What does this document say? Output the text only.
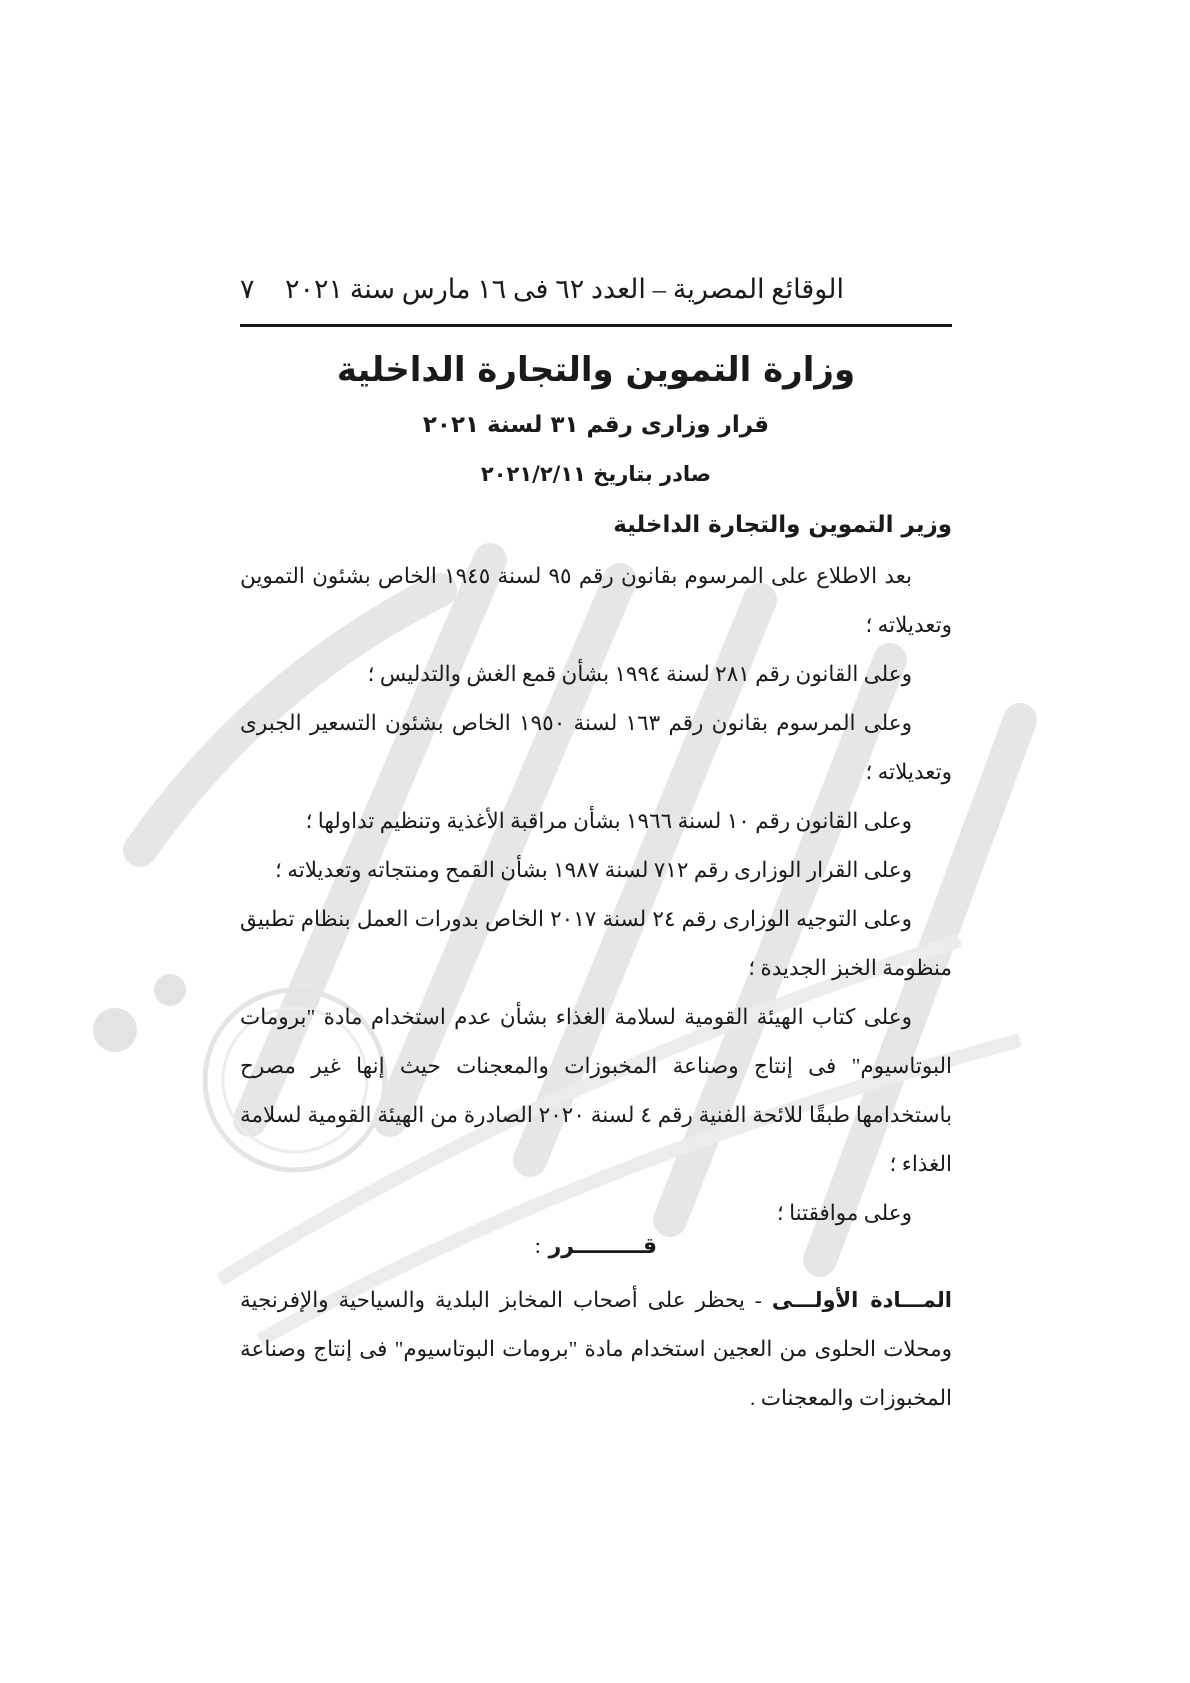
الوقائع المصرية – العدد ٦٢ فى ١٦ مارس سنة ٢٠٢١
٧
وزارة التموين والتجارة الداخلية
قرار وزارى رقم ٣١ لسنة ٢٠٢١
صادر بتاريخ ٢٠٢١/٢/١١
وزير التموين والتجارة الداخلية

بعد الاطلاع على المرسوم بقانون رقم ٩٥ لسنة ١٩٤٥ الخاص بشئون التموين وتعديلاته ؛

وعلى القانون رقم ٢٨١ لسنة ١٩٩٤ بشأن قمع الغش والتدليس ؛

وعلى المرسوم بقانون رقم ١٦٣ لسنة ١٩٥٠ الخاص بشئون التسعير الجبرى وتعديلاته ؛

وعلى القانون رقم ١٠ لسنة ١٩٦٦ بشأن مراقبة الأغذية وتنظيم تداولها ؛

وعلى القرار الوزارى رقم ٧١٢ لسنة ١٩٨٧ بشأن القمح ومنتجاته وتعديلاته ؛

وعلى التوجيه الوزارى رقم ٢٤ لسنة ٢٠١٧ الخاص بدورات العمل بنظام تطبيق منظومة الخبز الجديدة ؛

وعلى كتاب الهيئة القومية لسلامة الغذاء بشأن عدم استخدام مادة "برومات البوتاسيوم" فى إنتاج وصناعة المخبوزات والمعجنات حيث إنها غير مصرح باستخدامها طبقًا للائحة الفنية رقم ٤ لسنة ٢٠٢٠ الصادرة من الهيئة القومية لسلامة الغذاء ؛

وعلى موافقتنا ؛

قـــــــــرر :
المـــادة الأولـــى - يحظر على أصحاب المخابز البلدية والسياحية والإفرنجية ومحلات الحلوى من العجين استخدام مادة "برومات البوتاسيوم" فى إنتاج وصناعة المخبوزات والمعجنات .
